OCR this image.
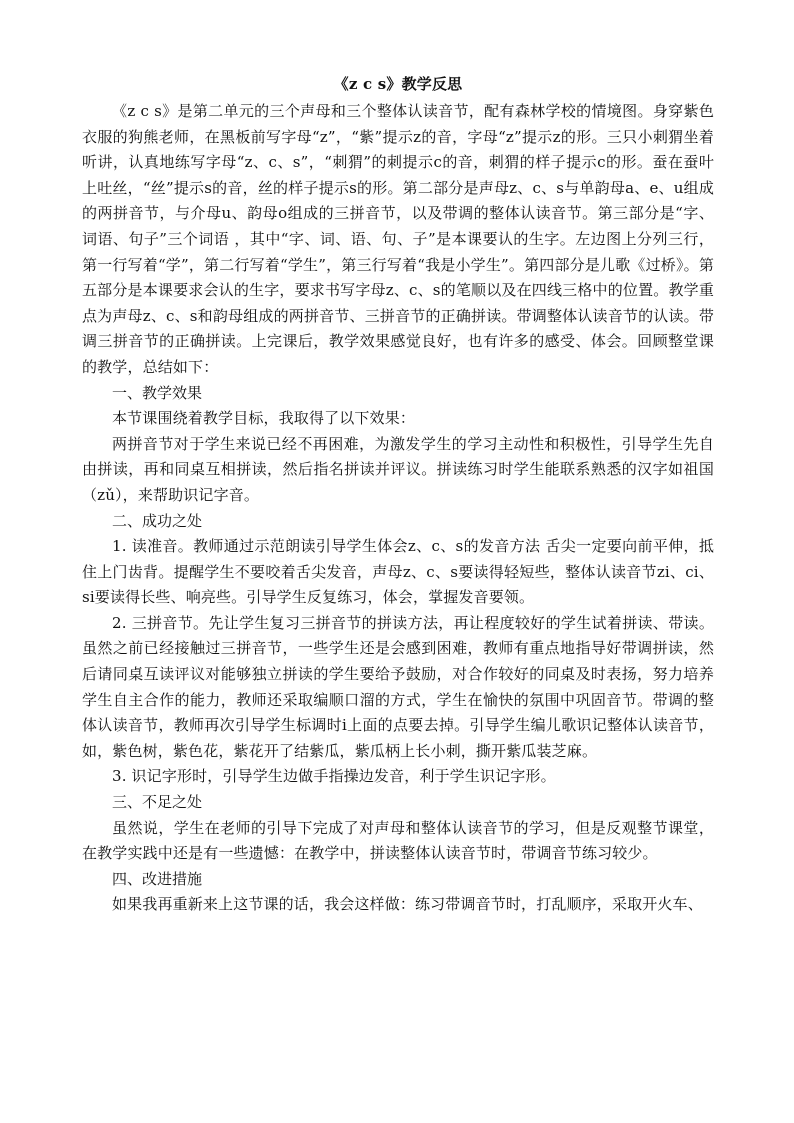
《z c s》教学反思

《z c s》是第二单元的三个声母和三个整体认读音节，配有森林学校的情境图。身穿紫色衣服的狗熊老师，在黑板前写字母“z”，“紫”提示z的音，字母“z”提示z的形。三只小刺猬坐着听讲，认真地练写字母“z、c、s”，“刺猬”的刺提示c的音，刺猬的样子提示c的形。蚕在蚕叶上吐丝，“丝”提示s的音，丝的样子提示s的形。第二部分是声母z、c、s与单韵母a、e、u组成的两拼音节，与介母u、韵母o组成的三拼音节，以及带调的整体认读音节。第三部分是“字、词语、句子”三个词语 ，其中“字、词、语、句、子”是本课要认的生字。左边图上分列三行，第一行写着“学”，第二行写着“学生”，第三行写着“我是小学生”。第四部分是儿歌《过桥》。第五部分是本课要求会认的生字，要求书写字母z、c、s的笔顺以及在四线三格中的位置。教学重点为声母z、c、s和韵母组成的两拼音节、三拼音节的正确拼读。带调整体认读音节的认读。带调三拼音节的正确拼读。上完课后，教学效果感觉良好，也有许多的感受、体会。回顾整堂课的教学，总结如下：

一、教学效果

本节课围绕着教学目标，我取得了以下效果：

两拼音节对于学生来说已经不再困难，为激发学生的学习主动性和积极性，引导学生先自由拼读，再和同桌互相拼读，然后指名拼读并评议。拼读练习时学生能联系熟悉的汉字如祖国（zǔ），来帮助识记字音。

二、成功之处

1. 读准音。教师通过示范朗读引导学生体会z、c、s的发音方法 舌尖一定要向前平伸，抵住上门齿背。提醒学生不要咬着舌尖发音，声母z、c、s要读得轻短些，整体认读音节zi、ci、si要读得长些、响亮些。引导学生反复练习，体会，掌握发音要领。

2. 三拼音节。先让学生复习三拼音节的拼读方法，再让程度较好的学生试着拼读、带读。虽然之前已经接触过三拼音节，一些学生还是会感到困难，教师有重点地指导好带调拼读，然后请同桌互读评议对能够独立拼读的学生要给予鼓励，对合作较好的同桌及时表扬，努力培养学生自主合作的能力，教师还采取编顺口溜的方式，学生在愉快的氛围中巩固音节。带调的整体认读音节，教师再次引导学生标调时i上面的点要去掉。引导学生编儿歌识记整体认读音节，如，紫色树，紫色花，紫花开了结紫瓜，紫瓜柄上长小刺，撕开紫瓜装芝麻。

3. 识记字形时，引导学生边做手指操边发音，利于学生识记字形。

三、不足之处

虽然说，学生在老师的引导下完成了对声母和整体认读音节的学习，但是反观整节课堂，在教学实践中还是有一些遗憾：在教学中，拼读整体认读音节时，带调音节练习较少。

四、改进措施

如果我再重新来上这节课的话，我会这样做：练习带调音节时，打乱顺序，采取开火车、
